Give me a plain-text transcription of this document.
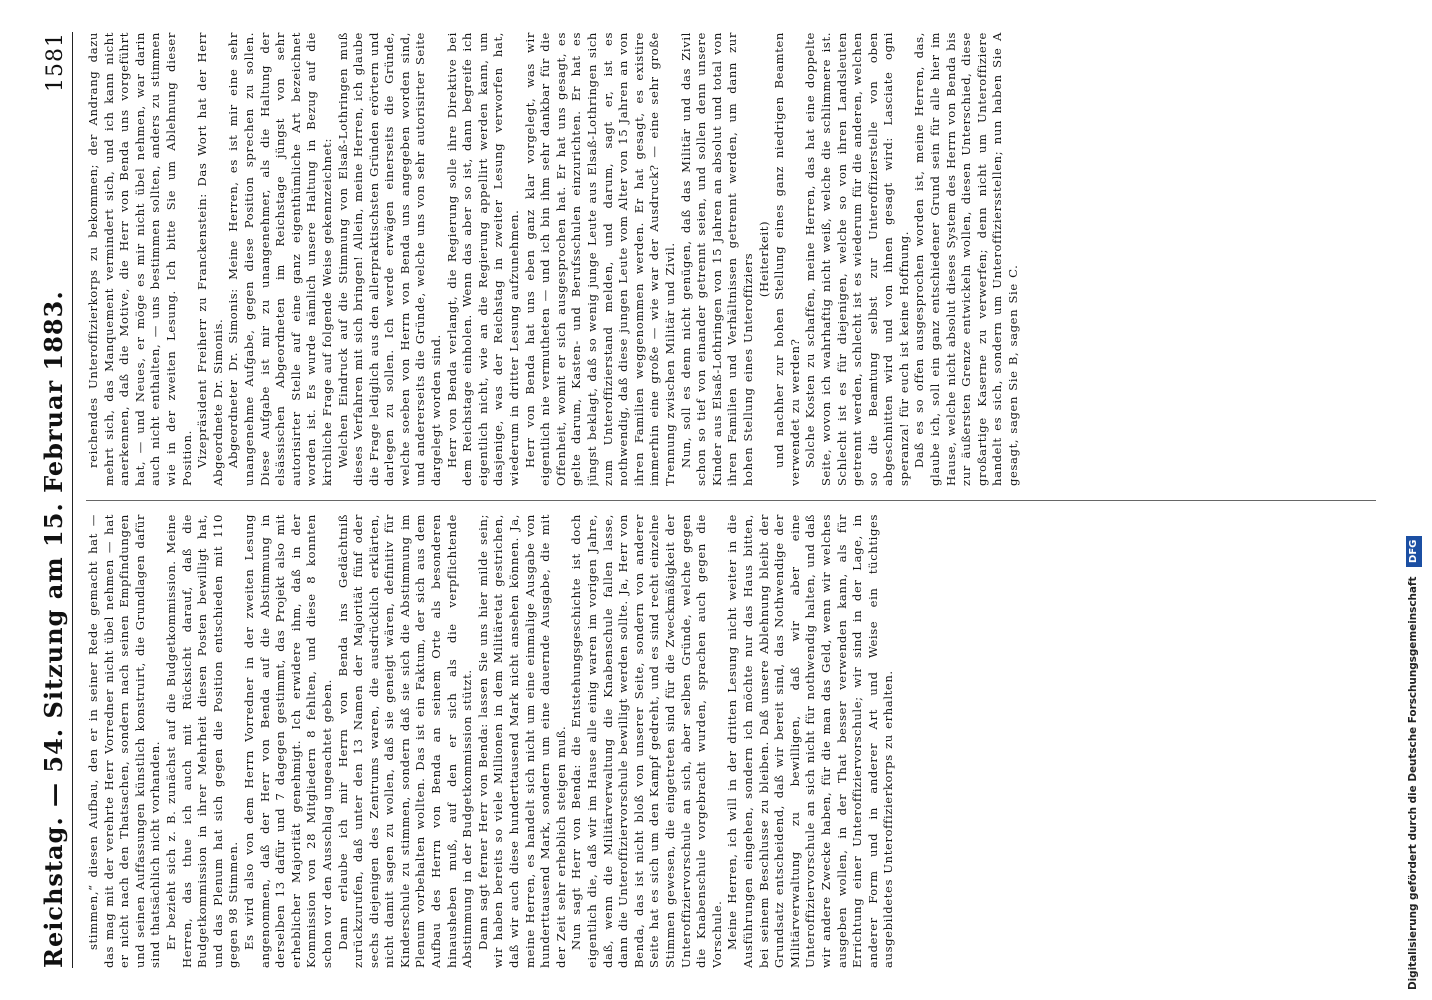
Reichstag. — 54. Sitzung am 15. Februar 1883.
1581

stimmen,“ diesen Aufbau, den er in seiner Rede gemacht hat — das mag mit der verehrte Herr Vorredner nicht übel nehmen — hat er nicht nach den Thatsachen, sondern nach seinen Empfindungen und seinen Auffassungen künstlich konstruirt, die Grundlagen dafür sind thatsächlich nicht vorhanden. Er bezieht sich z. B. zunächst auf die Budgetkommission. Meine Herren, das thue ich auch mit Rücksicht darauf, daß die Budgetkommission in ihrer Mehrheit diesen Posten bewilligt hat, und das Plenum hat sich gegen die Position entschieden mit 110 gegen 98 Stimmen. Es wird also von dem Herrn Vorredner in der zweiten Lesung angenommen, daß der Herr von Benda auf die Abstimmung in derselben 13 dafür und 7 dagegen gestimmt, das Projekt also mit erheblicher Majorität genehmigt. Ich erwidere ihm, daß in der Kommission von 28 Mitgliedern 8 fehlten, und diese 8 konnten schon vor den Ausschlag ungeachtet geben. Dann erlaube ich mir Herrn von Benda ins Gedächtniß zurückzurufen, daß unter den 13 Namen der Majorität fünf oder sechs diejenigen des Zentrums waren, die ausdrücklich erklärten, nicht damit sagen zu wollen, daß sie geneigt wären, definitiv für Kinderschule zu stimmen, sondern daß sie sich die Abstimmung im Plenum vorbehalten wollten. Das ist ein Faktum, der sich aus dem Aufbau des Herrn von Benda an seinem Orte als besonderen hinausheben muß, auf den er sich als die verpflichtende Abstimmung in der Budgetkommission stützt. Dann sagt ferner Herr von Benda: lassen Sie uns hier milde sein; wir haben bereits so viele Millionen in dem Militäretat gestrichen, daß wir auch diese hunderttausend Mark nicht ansehen können. Ja, meine Herren, es handelt sich nicht um eine einmalige Ausgabe von hunderttausend Mark, sondern um eine dauernde Ausgabe, die mit der Zeit sehr erheblich steigen muß. Nun sagt Herr von Benda: die Entstehungsgeschichte ist doch eigentlich die, daß wir im Hause alle einig waren im vorigen Jahre, daß, wenn die Militärverwaltung die Knabenschule fallen lasse, dann die Unteroffiziervorschule bewilligt werden sollte. Ja, Herr von Benda, das ist nicht bloß von unserer Seite, sondern von anderer Seite hat es sich um den Kampf gedreht, und es sind recht einzelne Stimmen gewesen, die eingetreten sind für die Zweckmäßigkeit der Unteroffiziervorschule an sich, aber selben Gründe, welche gegen die Knabenschule vorgebracht wurden, sprachen auch gegen die Vorschule. Meine Herren, ich will in der dritten Lesung nicht weiter in die Ausführungen eingehen, sondern ich möchte nur das Haus bitten, bei seinem Beschlusse zu bleiben. Daß unsere Ablehnung bleibt der Grundsatz entscheidend, daß wir bereit sind, das Nothwendige der Militärverwaltung zu bewilligen, daß wir aber eine Unteroffiziervorschule an sich nicht für nothwendig halten, und daß wir andere Zwecke haben, für die man das Geld, wenn wir welches ausgeben wollen, in der That besser verwenden kann, als für Errichtung einer Unteroffiziervorschule; wir sind in der Lage, in anderer Form und in anderer Art und Weise ein tüchtiges ausgebildetes Unteroffizierkorps zu erhalten.

reichendes Unteroffizierkorps zu bekommen; der Andrang dazu mehrt sich, das Manquement vermindert sich, und ich kann nicht anerkennen, daß die Motive, die Herr von Benda uns vorgeführt hat, — und Neues, er möge es mir nicht übel nehmen, war darin auch nicht enthalten, — uns bestimmen sollten, anders zu stimmen wie in der zweiten Lesung. Ich bitte Sie um Ablehnung dieser Position. Vizepräsident Freiherr zu Franckenstein: Das Wort hat der Herr Abgeordnete Dr. Simonis. Abgeordneter Dr. Simonis: Meine Herren, es ist mir eine sehr unangenehme Aufgabe, gegen diese Position sprechen zu sollen. Diese Aufgabe ist mir zu unangenehmer, als die Haltung der elsässischen Abgeordneten im Reichstage jüngst von sehr autorisirter Stelle auf eine ganz eigenthümliche Art bezeichnet worden ist. Es wurde nämlich unsere Haltung in Bezug auf die kirchliche Frage auf folgende Weise gekennzeichnet: Welchen Eindruck auf die Stimmung von Elsaß-Lothringen muß dieses Verfahren mit sich bringen! Allein, meine Herren, ich glaube die Frage lediglich aus den allerpraktischsten Gründen erörtern und darlegen zu sollen. Ich werde erwägen einerseits die Gründe, welche soeben von Herrn von Benda uns angegeben worden sind, und andererseits die Gründe, welche uns von sehr autorisirter Seite dargelegt worden sind. Herr von Benda verlangt, die Regierung solle ihre Direktive bei dem Reichstage einholen. Wenn das aber so ist, dann begreife ich eigentlich nicht, wie an die Regierung appellirt werden kann, um dasjenige, was der Reichstag in zweiter Lesung verworfen hat, wiederum in dritter Lesung aufzunehmen. Herr von Benda hat uns eben ganz klar vorgelegt, was wir eigentlich nie vermutheten — und ich bin ihm sehr dankbar für die Offenheit, womit er sich ausgesprochen hat. Er hat uns gesagt, es gelte darum, Kasten- und Berufsschulen einzurichten. Er hat es jüngst beklagt, daß so wenig junge Leute aus Elsaß-Lothringen sich zum Unteroffizierstand melden, und darum, sagt er, ist es nothwendig, daß diese jungen Leute vom Alter von 15 Jahren an von ihren Familien weggenommen werden. Er hat gesagt, es existire immerhin eine große — wie war der Ausdruck? — eine sehr große Trennung zwischen Militär und Zivil. Nun, soll es denn nicht genügen, daß das Militär und das Zivil schon so tief von einander getrennt seien, und sollen denn unsere Kinder aus Elsaß-Lothringen von 15 Jahren an absolut und total von ihren Familien und Verhältnissen getrennt werden, um dann zur hohen Stellung eines Unteroffiziers (Heiterkeit) und nachher zur hohen Stellung eines ganz niedrigen Beamten verwendet zu werden? Solche Kosten zu schaffen, meine Herren, das hat eine doppelte Seite, wovon ich wahrhaftig nicht weiß, welche die schlimmere ist. Schlecht ist es für diejenigen, welche so von ihren Landsleuten getrennt werden, schlecht ist es wiederum für die anderen, welchen so die Beamtung selbst zur Unteroffizierstelle von oben abgeschnitten wird und von ihnen gesagt wird: Lasciate ogni speranza! für euch ist keine Hoffnung. Daß es so offen ausgesprochen worden ist, meine Herren, das, glaube ich, soll ein ganz entschiedener Grund sein für alle hier im Hause, welche nicht absolut dieses System des Herrn von Benda bis zur äußersten Grenze entwickeln wollen, diesen Unterschied, diese großartige Kaserne zu verwerfen; denn nicht um Unteroffiziere handelt es sich, sondern um Unteroffiziersstellen; nun haben Sie A gesagt, sagen Sie B, sagen Sie C.

Digitalisierung gefördert durch die Deutsche Forschungsgemeinschaft DFG
